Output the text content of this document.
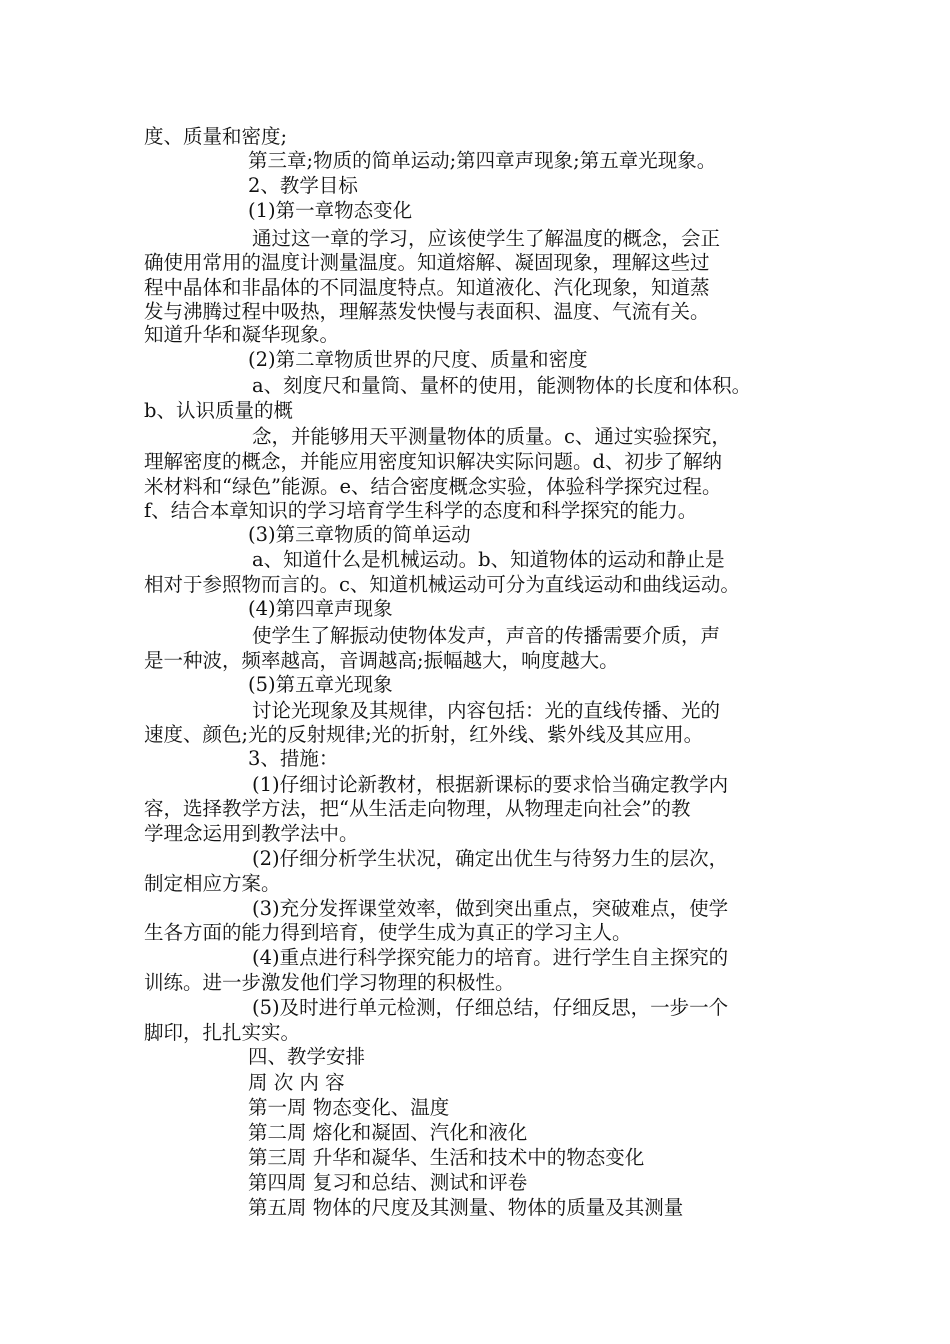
度、质量和密度;
第三章;物质的简单运动;第四章声现象;第五章光现象。
2、教学目标
(1)第一章物态变化
通过这一章的学习，应该使学生了解温度的概念，会正
确使用常用的温度计测量温度。知道熔解、凝固现象，理解这些过
程中晶体和非晶体的不同温度特点。知道液化、汽化现象，知道蒸
发与沸腾过程中吸热，理解蒸发快慢与表面积、温度、气流有关。
知道升华和凝华现象。
(2)第二章物质世界的尺度、质量和密度
a、刻度尺和量筒、量杯的使用，能测物体的长度和体积。
b、认识质量的概
念，并能够用天平测量物体的质量。c、通过实验探究，
理解密度的概念，并能应用密度知识解决实际问题。d、初步了解纳
米材料和“绿色”能源。e、结合密度概念实验，体验科学探究过程。
f、结合本章知识的学习培育学生科学的态度和科学探究的能力。
(3)第三章物质的简单运动
a、知道什么是机械运动。b、知道物体的运动和静止是
相对于参照物而言的。c、知道机械运动可分为直线运动和曲线运动。
(4)第四章声现象
使学生了解振动使物体发声，声音的传播需要介质，声
是一种波，频率越高，音调越高;振幅越大，响度越大。
(5)第五章光现象
讨论光现象及其规律，内容包括：光的直线传播、光的
速度、颜色;光的反射规律;光的折射，红外线、紫外线及其应用。
3、措施：
(1)仔细讨论新教材，根据新课标的要求恰当确定教学内
容，选择教学方法，把“从生活走向物理，从物理走向社会”的教
学理念运用到教学法中。
(2)仔细分析学生状况，确定出优生与待努力生的层次，
制定相应方案。
(3)充分发挥课堂效率，做到突出重点，突破难点，使学
生各方面的能力得到培育，使学生成为真正的学习主人。
(4)重点进行科学探究能力的培育。进行学生自主探究的
训练。进一步激发他们学习物理的积极性。
(5)及时进行单元检测，仔细总结，仔细反思，一步一个
脚印，扎扎实实。
四、教学安排
周 次 内 容
第一周 物态变化、温度
第二周 熔化和凝固、汽化和液化
第三周 升华和凝华、生活和技术中的物态变化
第四周 复习和总结、测试和评卷
第五周 物体的尺度及其测量、物体的质量及其测量
